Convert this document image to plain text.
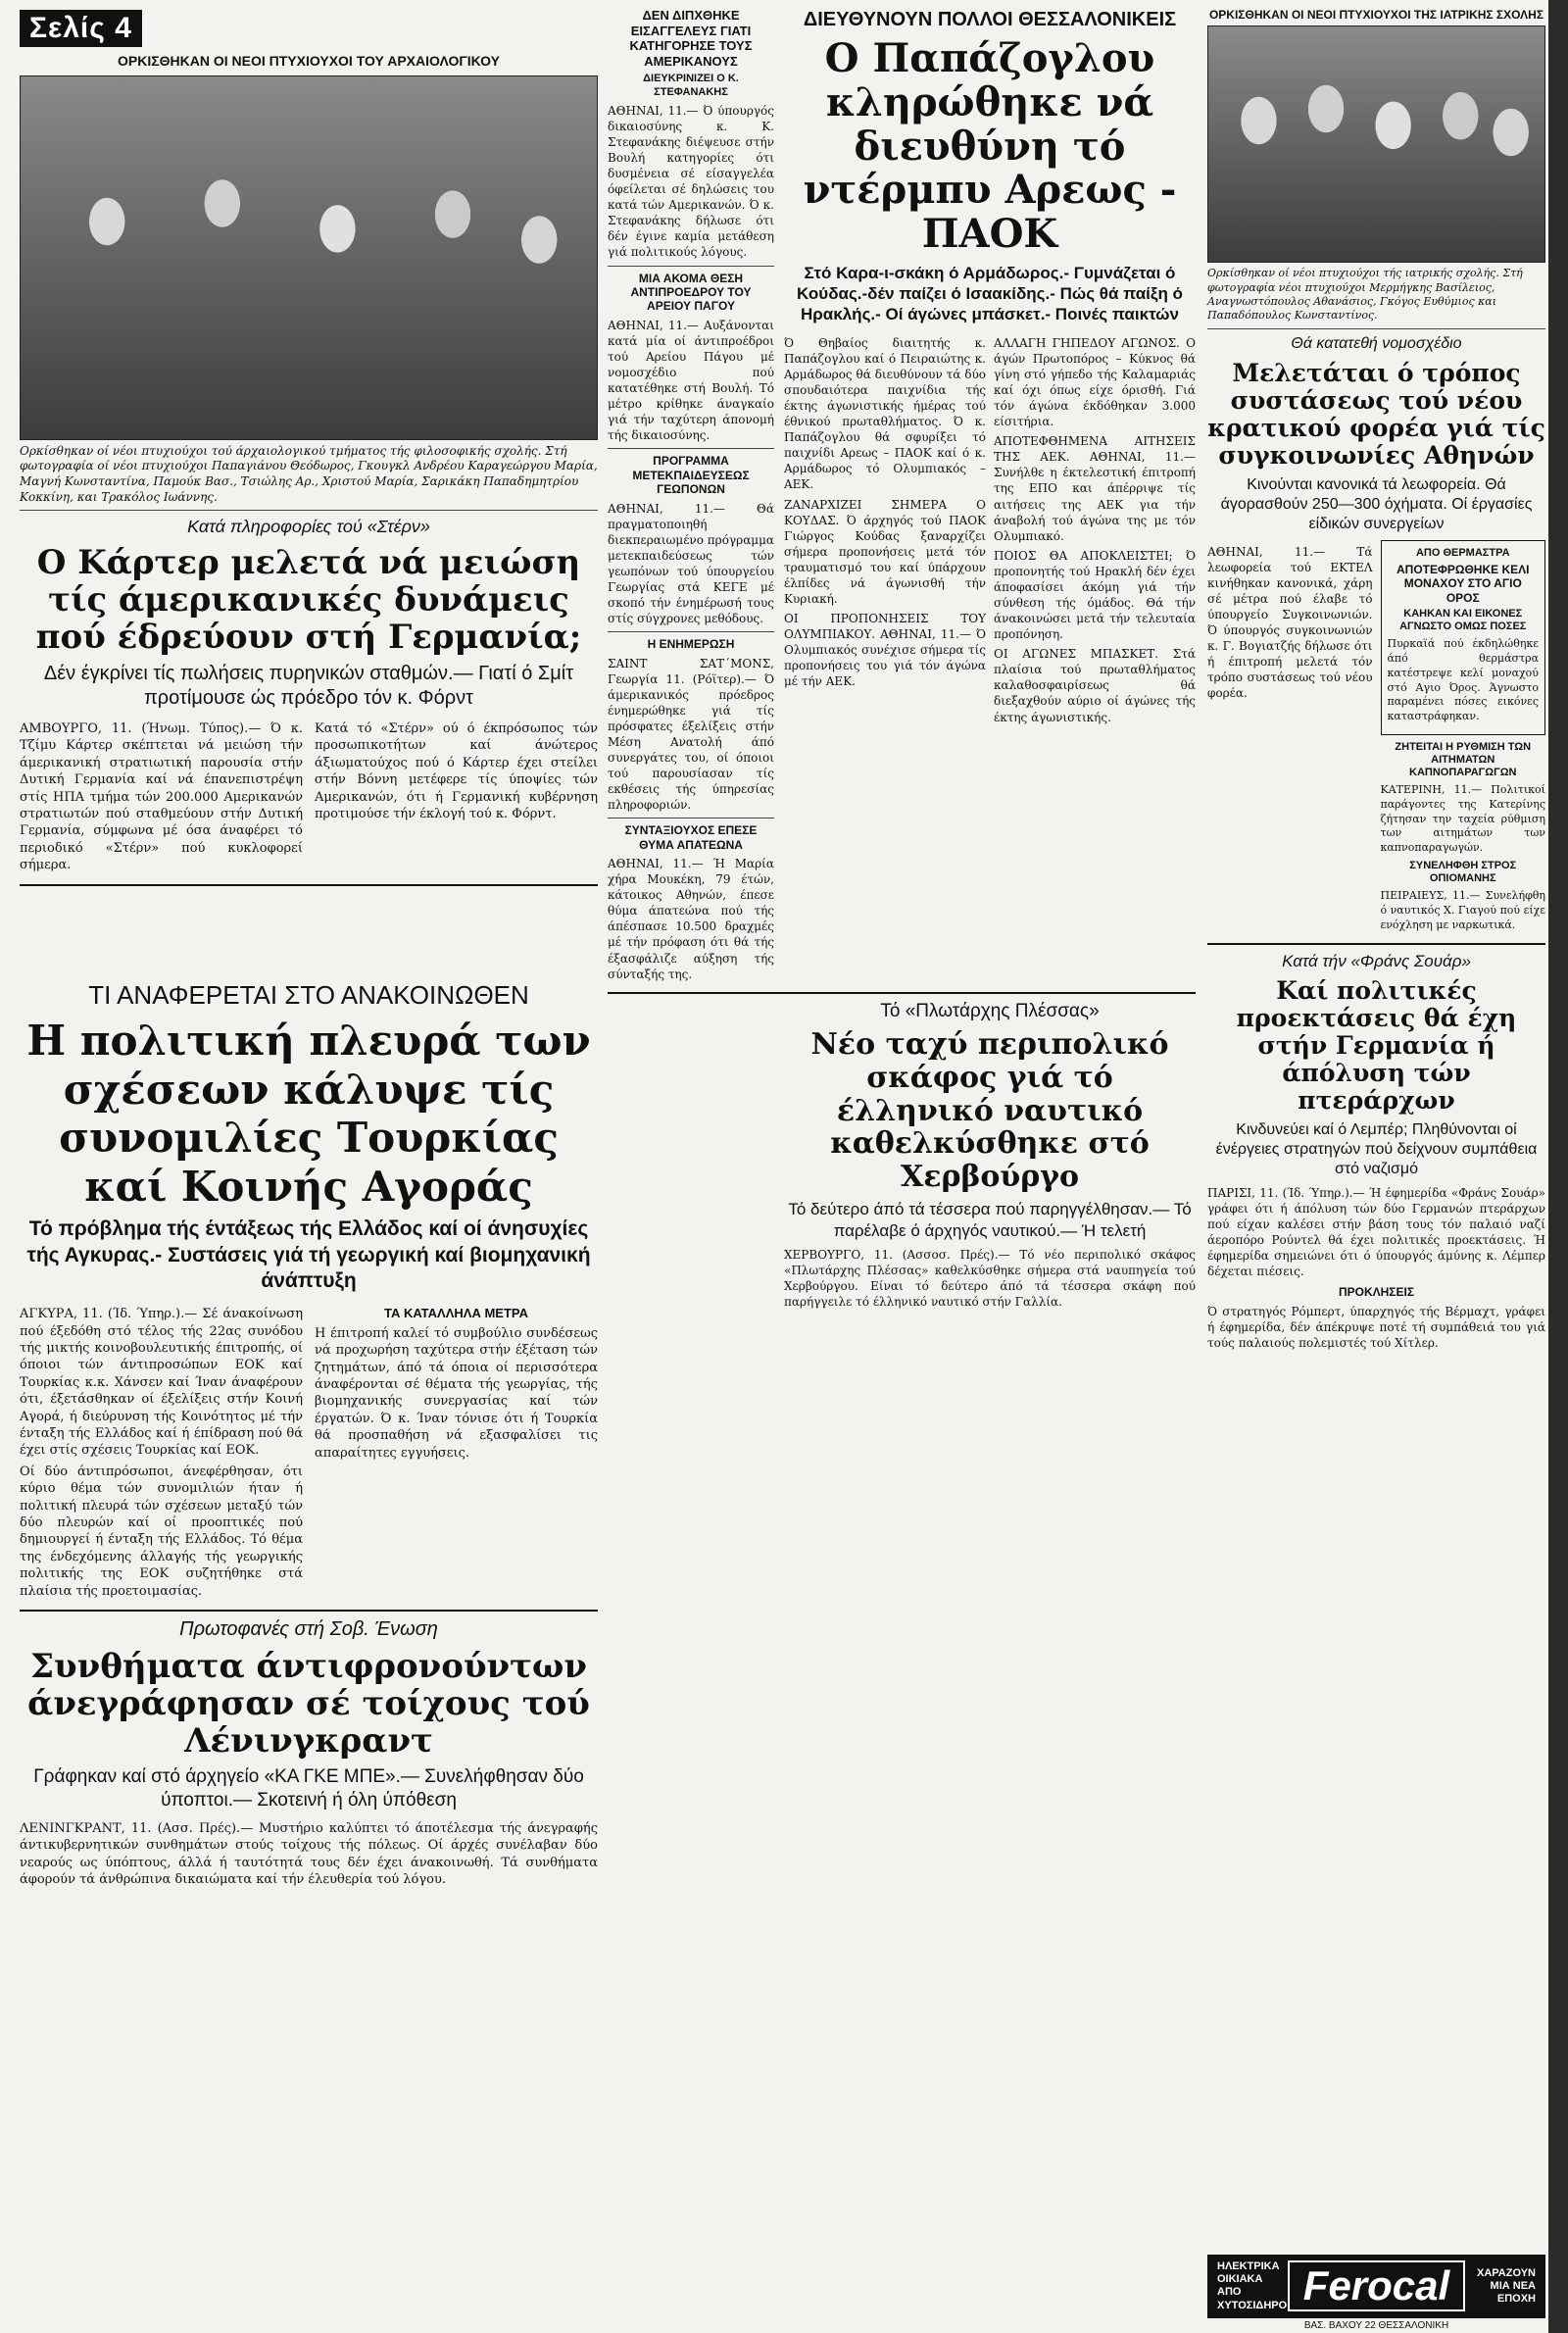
Σελίς 4
ΟΡΚΙΣΘΗΚΑΝ ΟΙ ΝΕΟΙ ΠΤΥΧΙΟΥΧΟΙ ΤΟΥ ΑΡΧΑΙΟΛΟΓΙΚΟΥ
Ορκίσθηκαν οί νέοι πτυχιούχοι τού άρχαιολογικού τμήματος τής φιλοσοφικής σχολής. Στή φωτογραφία οί νέοι πτυχιούχοι Παπαγιάνου Θεόδωρος, Γκουγκλ Ανδρέου Καραγεώργου Μαρία, Μαγνή Κωνσταντίνα, Παμούκ Βασ., Τσιώλης Αρ., Χριστού Μαρία, Σαρικάκη Παπαδημητρίου Κοκκίνη, και Τρακόλος Ιωάννης.
Κατά πληροφορίες τού «Στέρν»
Ο Κάρτερ μελετά νά μειώση τίς άμερικανικές δυνάμεις πού έδρεύουν στή Γερμανία;
Δέν έγκρίνει τίς πωλήσεις πυρηνικών σταθμών.— Γιατί ό Σμίτ προτίμουσε ώς πρόεδρο τόν κ. Φόρντ
ΑΜΒΟΥΡΓΟ, 11. (Ήνωμ. Τύπος).— Ό κ. Τζίμυ Κάρτερ σκέπτεται νά μειώση τήν άμερικανική στρατιωτική παρουσία στήν Δυτική Γερμανία καί νά έπανεπιστρέψη στίς ΗΠΑ τμήμα τών 200.000 Αμερικανών στρατιωτών πού σταθμεύουν στήν Δυτική Γερμανία, σύμφωνα μέ όσα άναφέρει τό περιοδικό «Στέρν» πού κυκλοφορεί σήμερα.
Κατά τό «Στέρν» ού ό έκπρόσωπος τών προσωπικοτήτων καί άνώτερος άξιωματούχος πού ό Κάρτερ έχει στείλει στήν Βόννη μετέφερε τίς ύποψίες τών Αμερικανών, ότι ή Γερμανική κυβέρνηση προτιμούσε τήν έκλογή τού κ. Φόρντ.
ΤΙ ΑΝΑΦΕΡΕΤΑΙ ΣΤΟ ΑΝΑΚΟΙΝΩΘΕΝ
Η πολιτική πλευρά των σχέσεων κάλυψε τίς συνομιλίες Τουρκίας καί Κοινής Αγοράς
Τό πρόβλημα τής έντάξεως τής Ελλάδος καί οί άνησυχίες τής Αγκυρας.- Συστάσεις γιά τή γεωργική καί βιομηχανική άνάπτυξη
ΑΓΚΥΡΑ, 11. (Ίδ. Ύπηρ.).— Σέ άνακοίνωση πού έξεδόθη στό τέλος τής 22ας συνόδου τής μικτής κοινοβουλευτικής έπιτροπής, οί όποιοι τών άντιπροσώπων ΕΟΚ καί Τουρκίας κ.κ. Χάνσεν καί Ίναν άναφέρουν ότι, έξετάσθηκαν οί έξελίξεις στήν Κοινή Αγορά, ή διεύρυνση τής Κοινότητος μέ τήν ένταξη τής Ελλάδος καί ή έπίδραση πού θά έχει στίς σχέσεις Τουρκίας καί ΕΟΚ.
Οί δύο άντιπρόσωποι, άνεφέρθησαν, ότι κύριο θέμα τών συνομιλιών ήταν ή πολιτική πλευρά τών σχέσεων μεταξύ τών δύο πλευρών καί οί προοπτικές πού δημιουργεί ή ένταξη τής Ελλάδος. Τό θέμα της ένδεχόμενης άλλαγής τής γεωργικής πολιτικής της ΕΟΚ συζητήθηκε στά πλαίσια τής προετοιμασίας.
ΤΑ ΚΑΤΑΛΛΗΛΑ ΜΕΤΡΑ
Η έπιτροπή καλεί τό συμβούλιο συνδέσεως νά προχωρήση ταχύτερα στήν έξέταση τών ζητημάτων, άπό τά όποια οί περισσότερα άναφέρονται σέ θέματα τής γεωργίας, τής βιομηχανικής συνεργασίας καί τών έργατών. Ό κ. Ίναν τόνισε ότι ή Τουρκία θά προσπαθήση νά εξασφαλίσει τις απαραίτητες εγγυήσεις.
Πρωτοφανές στή Σοβ. Ένωση
Συνθήματα άντιφρονούντων άνεγράφησαν σέ τοίχους τού Λένινγκραντ
Γράφηκαν καί στό άρχηγείο «ΚΑ ΓΚΕ ΜΠΕ».— Συνελήφθησαν δύο ύποπτοι.— Σκοτεινή ή όλη ύπόθεση
ΛΕΝΙΝΓΚΡΑΝΤ, 11. (Ασσ. Πρές).— Μυστήριο καλύπτει τό άποτέλεσμα τής άνεγραφής άντικυβερνητικών συνθημάτων στούς τοίχους τής πόλεως. Οί άρχές συνέλαβαν δύο νεαρούς ως ύπόπτους, άλλά ή ταυτότητά τους δέν έχει άνακοινωθή. Τά συνθήματα άφορούν τά άνθρώπινα δικαιώματα καί τήν έλευθερία τού λόγου.
ΔΕΝ ΔΙΠΧΘΗΚΕ ΕΙΣΑΓΓΕΛΕΥΣ ΓΙΑΤΙ ΚΑΤΗΓΟΡΗΣΕ ΤΟΥΣ ΑΜΕΡΙΚΑΝΟΥΣ
ΔΙΕΥΚΡΙΝΙΖΕΙ Ο Κ. ΣΤΕΦΑΝΑΚΗΣ
ΑΘΗΝΑΙ, 11.— Ό ύπουργός δικαιοσύνης κ. Κ. Στεφανάκης διέψευσε στήν Βουλή κατηγορίες ότι δυσμένεια σέ είσαγγελέα όφείλεται σέ δηλώσεις του κατά τών Αμερικανών. Ό κ. Στεφανάκης δήλωσε ότι δέν έγινε καμία μετάθεση γιά πολιτικούς λόγους.
ΜΙΑ ΑΚΟΜΑ ΘΕΣΗ ΑΝΤΙΠΡΟΕΔΡΟΥ ΤΟΥ ΑΡΕΙΟΥ ΠΑΓΟΥ
ΑΘΗΝΑΙ, 11.— Αυξάνονται κατά μία οί άντιπροέδροι τού Αρείου Πάγου μέ νομοσχέδιο πού κατατέθηκε στή Βουλή. Τό μέτρο κρίθηκε άναγκαίο γιά τήν ταχύτερη άπονομή τής δικαιοσύνης.
ΠΡΟΓΡΑΜΜΑ ΜΕΤΕΚΠΑΙΔΕΥΣΕΩΣ ΓΕΩΠΟΝΩΝ
ΑΘΗΝΑΙ, 11.— Θά πραγματοποιηθή διεκπεραιωμένο πρόγραμμα μετεκπαιδεύσεως τών γεωπόνων τού ύπουργείου Γεωργίας στά ΚΕΓΕ μέ σκοπό τήν ένημέρωσή τους στίς σύγχρονες μεθόδους.
Η ΕΝΗΜΕΡΩΣΗ
ΣΑΙΝΤ ΣΑΤ΄ΜΟΝΣ, Γεωργία 11. (Ρόϊτερ).— Ό άμερικανικός πρόεδρος ένημερώθηκε γιά τίς πρόσφατες έξελίξεις στήν Μέση Ανατολή άπό συνεργάτες του, οί όποιοι τού παρουσίασαν τίς εκθέσεις τής ύπηρεσίας πληροφοριών.
ΣΥΝΤΑΞΙΟΥΧΟΣ ΕΠΕΣΕ ΘΥΜΑ ΑΠΑΤΕΩΝΑ
ΑΘΗΝΑΙ, 11.— Ή Μαρία χήρα Μουκέκη, 79 έτών, κάτοικος Αθηνών, έπεσε θύμα άπατεώνα πού τής άπέσπασε 10.500 δραχμές μέ τήν πρόφαση ότι θά τής έξασφάλιζε αύξηση τής σύνταξής της.
ΔΙΕΥΘΥΝΟΥΝ ΠΟΛΛΟΙ ΘΕΣΣΑΛΟΝΙΚΕΙΣ
Ο Παπάζογλου κληρώθηκε νά διευθύνη τό ντέρμπυ Αρεως - ΠΑΟΚ
Στό Καρα-ι-σκάκη ό Αρμάδωρος.- Γυμνάζεται ό Κούδας.-δέν παίζει ό Ισαακίδης.- Πώς θά παίξη ό Ηρακλής.- Οί άγώνες μπάσκετ.- Ποινές παικτών
Ό Θηβαίος διαιτητής κ. Παπάζογλου καί ό Πειραιώτης κ. Αρμάδωρος θά διευθύνουν τά δύο σπουδαιότερα παιχνίδια τής έκτης άγωνιστικής ήμέρας τού έθνικού πρωταθλήματος. Ό κ. Παπάζογλου θά σφυρίξει τό παιχνίδι Αρεως – ΠΑΟΚ καί ό κ. Αρμάδωρος τό Ολυμπιακός – ΑΕΚ.
ΖΑΝΑΡΧΙΖΕΙ ΣΗΜΕΡΑ Ο ΚΟΥΔΑΣ. Ό άρχηγός τού ΠΑΟΚ Γιώργος Κούδας ξαναρχίζει σήμερα προπονήσεις μετά τόν τραυματισμό του καί ύπάρχουν έλπίδες νά άγωνισθή τήν Κυριακή.
ΟΙ ΠΡΟΠΟΝΗΣΕΙΣ ΤΟΥ ΟΛΥΜΠΙΑΚΟΥ. ΑΘΗΝΑΙ, 11.— Ό Ολυμπιακός συνέχισε σήμερα τίς προπονήσεις του γιά τόν άγώνα μέ τήν ΑΕΚ.
ΑΛΛΑΓΗ ΓΗΠΕΔΟΥ ΑΓΩΝΟΣ. Ο άγών Πρωτοπόρος – Κύκνος θά γίνη στό γήπεδο τής Καλαμαριάς καί όχι όπως είχε όρισθή. Γιά τόν άγώνα έκδόθηκαν 3.000 είσιτήρια.
ΑΠΟΤΕΦΘΗΜΕΝΑ ΑΙΤΗΣΕΙΣ ΤΗΣ ΑΕΚ. ΑΘΗΝΑΙ, 11.— Συνήλθε η έκτελεστική έπιτροπή της ΕΠΟ και άπέρριψε τίς αιτήσεις της ΑΕΚ για τήν άναβολή τού άγώνα της με τόν Ολυμπιακό.
ΠΟΙΟΣ ΘΑ ΑΠΟΚΛΕΙΣΤΕΙ; Ό προπονητής τού Ηρακλή δέν έχει άποφασίσει άκόμη γιά τήν σύνθεση τής όμάδος. Θά τήν άνακοινώσει μετά τήν τελευταία προπόνηση.
ΟΙ ΑΓΩΝΕΣ ΜΠΑΣΚΕΤ. Στά πλαίσια τού πρωταθλήματος καλαθοσφαιρίσεως θά διεξαχθούν αύριο οί άγώνες τής έκτης άγωνιστικής.
Τό «Πλωτάρχης Πλέσσας»
Νέο ταχύ περιπολικό σκάφος γιά τό έλληνικό ναυτικό καθελκύσθηκε στό Χερβούργο
Τό δεύτερο άπό τά τέσσερα πού παρηγγέλθησαν.— Τό παρέλαβε ό άρχηγός ναυτικού.— Ή τελετή
ΧΕΡΒΟΥΡΓΟ, 11. (Ασσοσ. Πρές).— Τό νέο περιπολικό σκάφος «Πλωτάρχης Πλέσσας» καθελκύσθηκε σήμερα στά ναυπηγεία τού Χερβούργου. Είναι τό δεύτερο άπό τά τέσσερα σκάφη πού παρήγγειλε τό έλληνικό ναυτικό στήν Γαλλία.
ΟΡΚΙΣΘΗΚΑΝ ΟΙ ΝΕΟΙ ΠΤΥΧΙΟΥΧΟΙ ΤΗΣ ΙΑΤΡΙΚΗΣ ΣΧΟΛΗΣ
Ορκίσθηκαν οί νέοι πτυχιούχοι τής ιατρικής σχολής. Στή φωτογραφία νέοι πτυχιούχοι Μερμήγκης Βασίλειος, Αναγνωστόπουλος Αθανάσιος, Γκόγος Ευθύμιος και Παπαδόπουλος Κωνσταντίνος.
Θά κατατεθή νομοσχέδιο
Μελετάται ό τρόπος συστάσεως τού νέου κρατικού φορέα γιά τίς συγκοινωνίες Αθηνών
Κινούνται κανονικά τά λεωφορεία. Θά άγορασθούν 250—300 όχήματα. Οί έργασίες είδικών συνεργείων
ΑΘΗΝΑΙ, 11.— Τά λεωφορεία τού ΕΚΤΕΛ κινήθηκαν κανονικά, χάρη σέ μέτρα πού έλαβε τό ύπουργείο Συγκοινωνιών. Ό ύπουργός συγκοινωνιών κ. Γ. Βογιατζής δήλωσε ότι ή έπιτροπή μελετά τόν τρόπο συστάσεως τού νέου φορέα.
ΑΠΟ ΘΕΡΜΑΣΤΡΑ
ΑΠΟΤΕΦΡΩΘΗΚΕ ΚΕΛΙ ΜΟΝΑΧΟΥ ΣΤΟ ΑΓΙΟ ΟΡΟΣ
ΚΑΗΚΑΝ ΚΑΙ ΕΙΚΟΝΕΣ ΑΓΝΩΣΤΟ ΟΜΩΣ ΠΟΣΕΣ
Πυρκαϊά πού έκδηλώθηκε άπό θερμάστρα κατέστρεψε κελί μοναχού στό Αγιο Όρος. Άγνωστο παραμένει πόσες εικόνες καταστράφηκαν.
ΖΗΤΕΙΤΑΙ Η ΡΥΘΜΙΣΗ ΤΩΝ ΑΙΤΗΜΑΤΩΝ ΚΑΠΝΟΠΑΡΑΓΩΓΩΝ
ΚΑΤΕΡΙΝΗ, 11.— Πολιτικοί παράγοντες της Κατερίνης ζήτησαν την ταχεία ρύθμιση των αιτημάτων των καπνοπαραγωγών.
ΣΥΝΕΛΗΦΘΗ ΣΤΡΟΣ ΟΠΙΟΜΑΝΗΣ
ΠΕΙΡΑΙΕΥΣ, 11.— Συνελήφθη ό ναυτικός Χ. Γιαγού πού είχε ενόχληση με ναρκωτικά.
Κατά τήν «Φράνς Σουάρ»
Καί πολιτικές προεκτάσεις θά έχη στήν Γερμανία ή άπόλυση τών πτεράρχων
Κινδυνεύει καί ό Λεμπέρ; Πληθύνονται οί ένέργειες στρατηγών πού δείχνουν συμπάθεια στό ναζισμό
ΠΑΡΙΣΙ, 11. (Ίδ. Ύπηρ.).— Ή έφημερίδα «Φράνς Σουάρ» γράφει ότι ή άπόλυση τών δύο Γερμανών πτεράρχων πού είχαν καλέσει στήν βάση τους τόν παλαιό ναζί άεροπόρο Ρούντελ θά έχει πολιτικές προεκτάσεις. Ή έφημερίδα σημειώνει ότι ό ύπουργός άμύνης κ. Λέμπερ δέχεται πιέσεις.
ΠΡΟΚΛΗΣΕΙΣ
Ό στρατηγός Ρόμπερτ, ύπαρχηγός τής Βέρμαχτ, γράφει ή έφημερίδα, δέν άπέκρυψε ποτέ τή συμπάθειά του γιά τούς παλαιούς πολεμιστές τού Χίτλερ.
ΗΛΕΚΤΡΙΚΑ ΟΙΚΙΑΚΑ ΑΠΟ ΧΥΤΟΣΙΔΗΡΟ Ferocal	ΧΑΡΑΖΟΥΝ ΜΙΑ ΝΕΑ ΕΠΟΧΗ
ΒΑΣ. ΒΑΧΟΥ 22 ΘΕΣΣΑΛΟΝΙΚΗ
